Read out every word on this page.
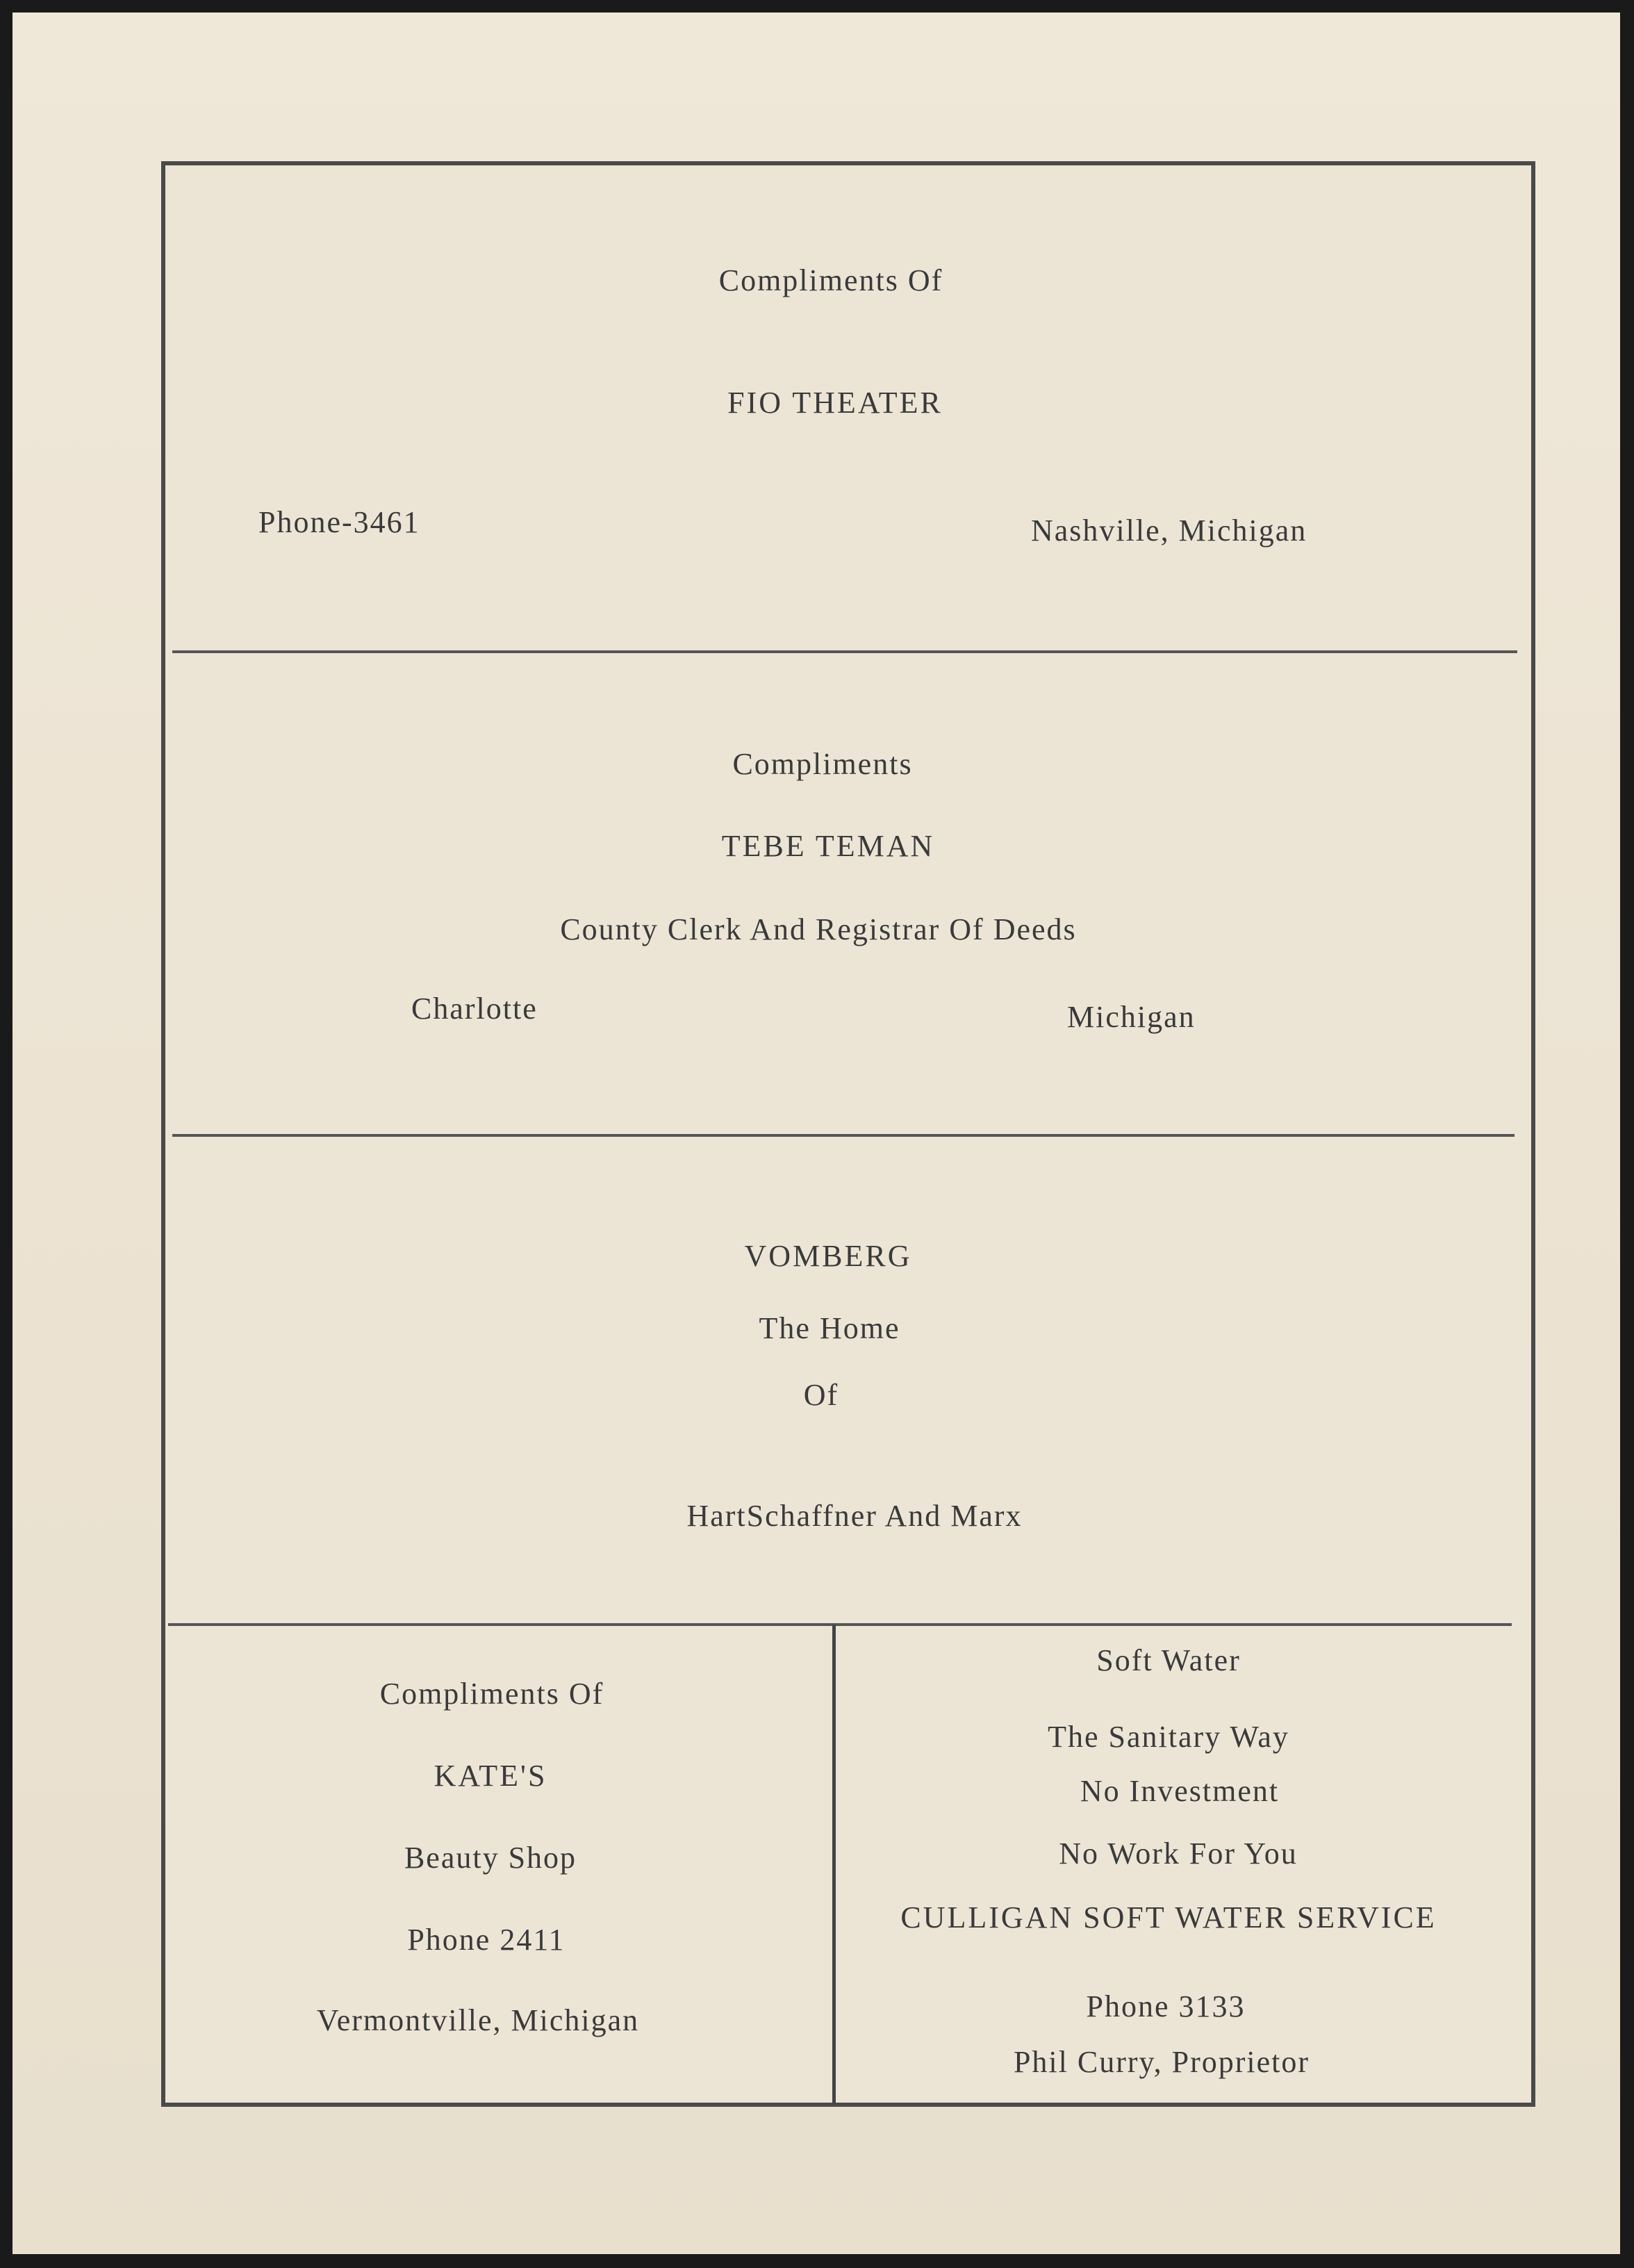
Compliments Of
FIO THEATER
Phone-3461	Nashville, Michigan
Compliments
TEBE TEMAN
County Clerk And Registrar Of Deeds
Charlotte	Michigan
VOMBERG
The Home
Of
HartSchaffner And Marx
Compliments Of
KATE'S
Beauty Shop
Phone 2411
Vermontville, Michigan
Soft Water
The Sanitary Way
No Investment
No Work For You
CULLIGAN SOFT WATER SERVICE
Phone 3133
Phil Curry, Proprietor
